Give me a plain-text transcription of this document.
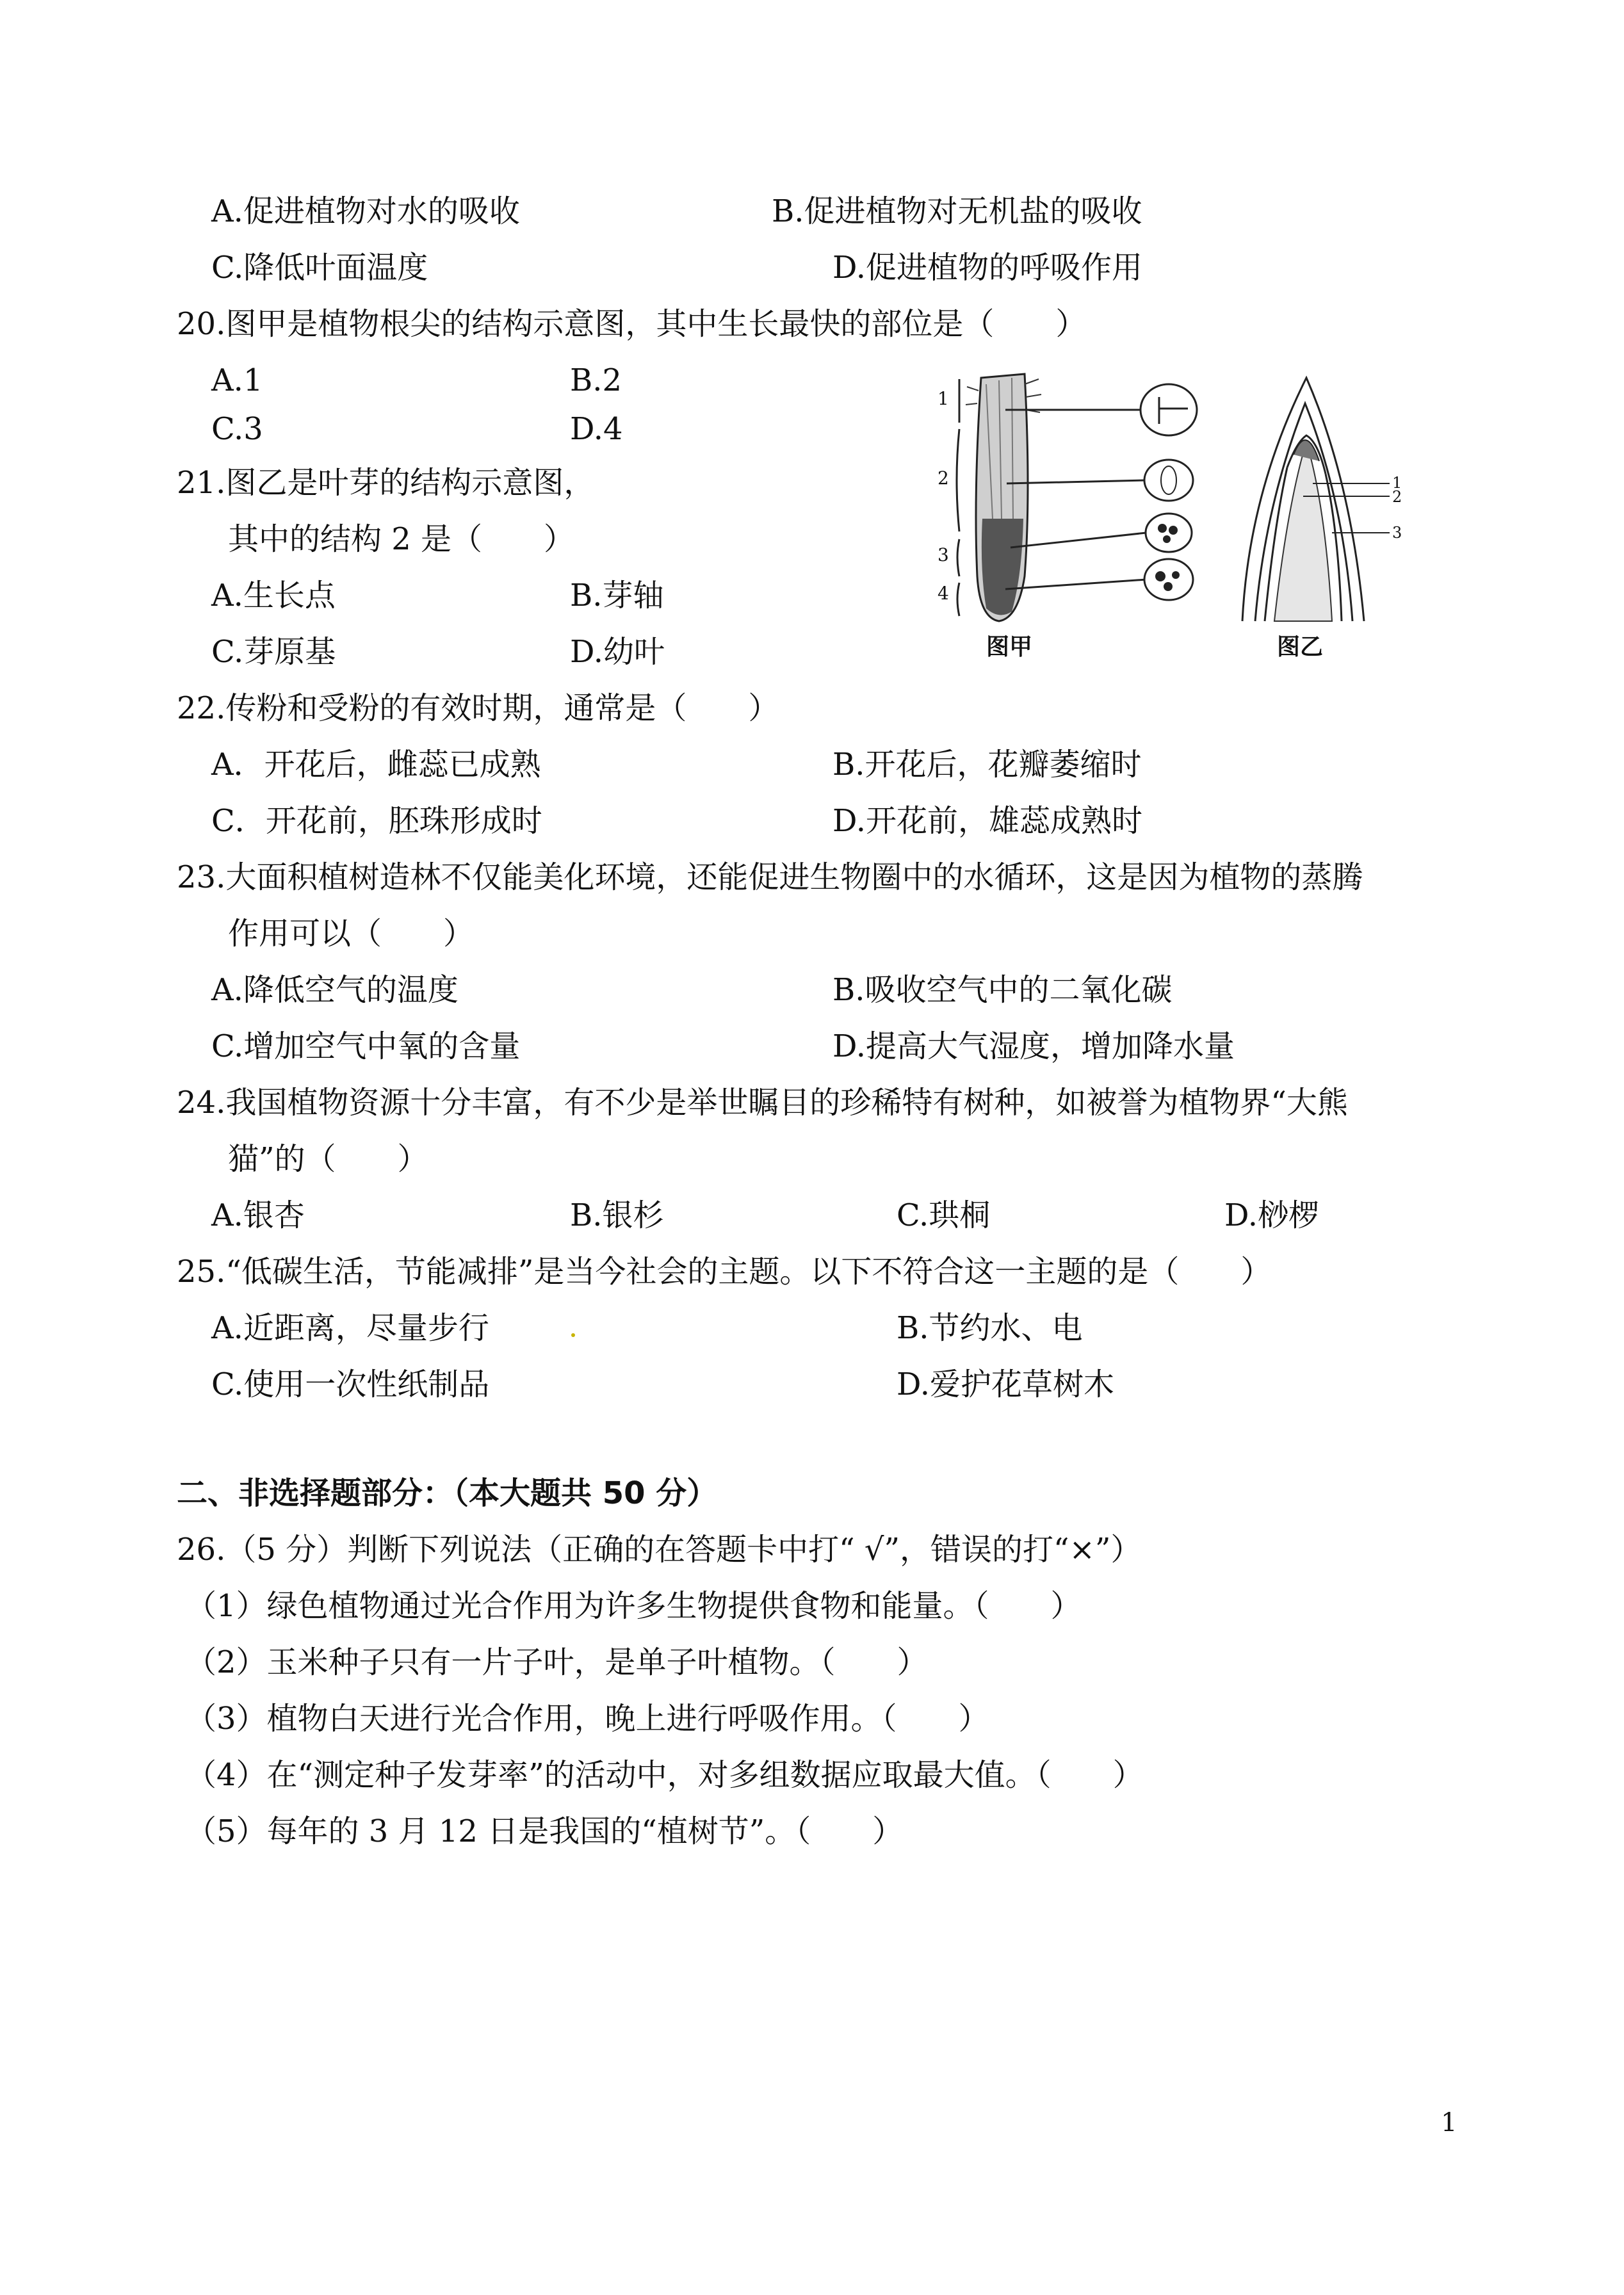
A.促进植物对水的吸收	B.促进植物对无机盐的吸收
C.降低叶面温度	D.促进植物的呼吸作用
20.图甲是植物根尖的结构示意图，其中生长最快的部位是（　　）
A.1	B.2
C.3	D.4
21.图乙是叶芽的结构示意图，
其中的结构 2 是（　　）
A.生长点	B.芽轴
C.芽原基	D.幼叶	图甲
1
2
3
4
图乙
1
2
3
22.传粉和受粉的有效时期，通常是（　　）
A．开花后，雌蕊已成熟	B.开花后，花瓣萎缩时
C．开花前，胚珠形成时	D.开花前，雄蕊成熟时
23.大面积植树造林不仅能美化环境，还能促进生物圈中的水循环，这是因为植物的蒸腾
作用可以（　　）
A.降低空气的温度	B.吸收空气中的二氧化碳
C.增加空气中氧的含量	D.提高大气湿度，增加降水量
24.我国植物资源十分丰富，有不少是举世瞩目的珍稀特有树种，如被誉为植物界“大熊
猫”的（　　）
A.银杏	B.银杉	C.珙桐	D.桫椤
25.“低碳生活，节能减排”是当今社会的主题。以下不符合这一主题的是（　　）
A.近距离，尽量步行	B.节约水、电
C.使用一次性纸制品	D.爱护花草树木
二、非选择题部分：（本大题共 50 分）
26.（5 分）判断下列说法（正确的在答题卡中打“ √”，错误的打“×”）
（1）绿色植物通过光合作用为许多生物提供食物和能量。（　　）
（2）玉米种子只有一片子叶，是单子叶植物。（　　）
（3）植物白天进行光合作用，晚上进行呼吸作用。（　　）
（4）在“测定种子发芽率”的活动中，对多组数据应取最大值。（　　）
（5）每年的 3 月 12 日是我国的“植树节”。（　　）
1
